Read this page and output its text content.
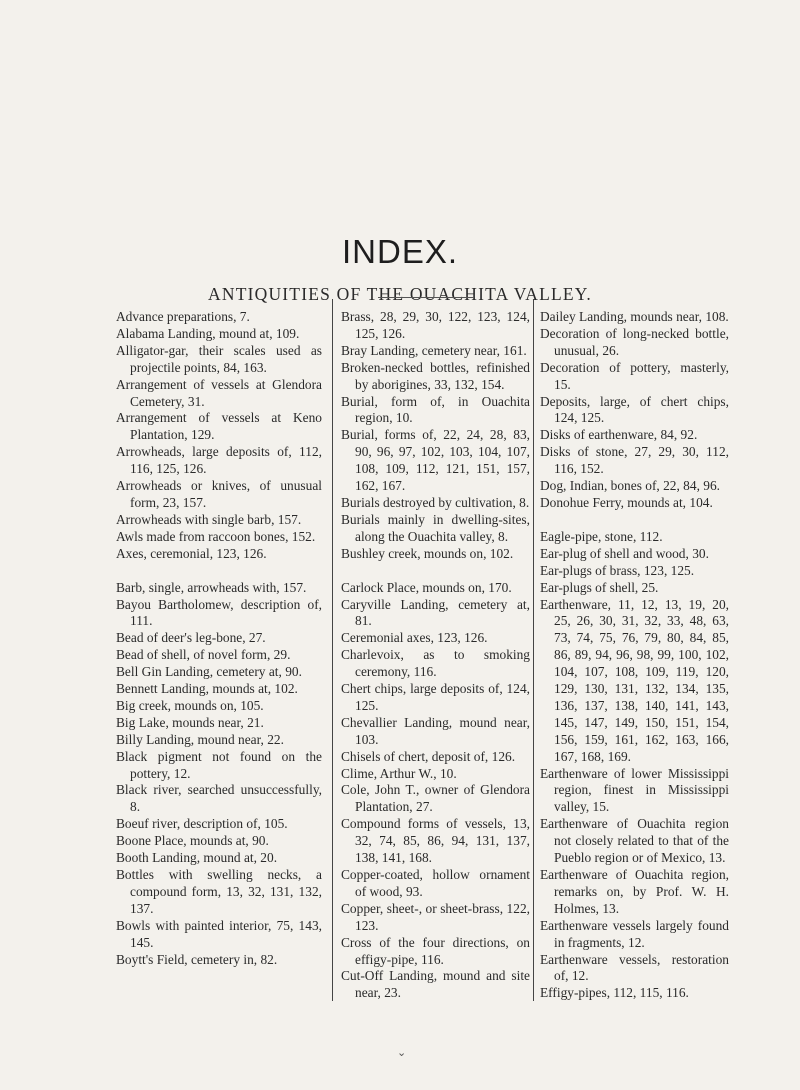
INDEX.
ANTIQUITIES OF THE OUACHITA VALLEY.

Advance preparations, 7.

Alabama Landing, mound at, 109.

Alligator-gar, their scales used as projectile points, 84, 163.

Arrangement of vessels at Glendora Cemetery, 31.

Arrangement of vessels at Keno Plantation, 129.

Arrowheads, large deposits of, 112, 116, 125, 126.

Arrowheads or knives, of unusual form, 23, 157.

Arrowheads with single barb, 157.

Awls made from raccoon bones, 152.

Axes, ceremonial, 123, 126.

Barb, single, arrowheads with, 157.

Bayou Bartholomew, description of, 111.

Bead of deer's leg-bone, 27.

Bead of shell, of novel form, 29.

Bell Gin Landing, cemetery at, 90.

Bennett Landing, mounds at, 102.

Big creek, mounds on, 105.

Big Lake, mounds near, 21.

Billy Landing, mound near, 22.

Black pigment not found on the pottery, 12.

Black river, searched unsuccessfully, 8.

Boeuf river, description of, 105.

Boone Place, mounds at, 90.

Booth Landing, mound at, 20.

Bottles with swelling necks, a compound form, 13, 32, 131, 132, 137.

Bowls with painted interior, 75, 143, 145.

Boytt's Field, cemetery in, 82.

Brass, 28, 29, 30, 122, 123, 124, 125, 126.

Bray Landing, cemetery near, 161.

Broken-necked bottles, refinished by aborigines, 33, 132, 154.

Burial, form of, in Ouachita region, 10.

Burial, forms of, 22, 24, 28, 83, 90, 96, 97, 102, 103, 104, 107, 108, 109, 112, 121, 151, 157, 162, 167.

Burials destroyed by cultivation, 8.

Burials mainly in dwelling-sites, along the Ouachita valley, 8.

Bushley creek, mounds on, 102.

Carlock Place, mounds on, 170.

Caryville Landing, cemetery at, 81.

Ceremonial axes, 123, 126.

Charlevoix, as to smoking ceremony, 116.

Chert chips, large deposits of, 124, 125.

Chevallier Landing, mound near, 103.

Chisels of chert, deposit of, 126.

Clime, Arthur W., 10.

Cole, John T., owner of Glendora Plantation, 27.

Compound forms of vessels, 13, 32, 74, 85, 86, 94, 131, 137, 138, 141, 168.

Copper-coated, hollow ornament of wood, 93.

Copper, sheet-, or sheet-brass, 122, 123.

Cross of the four directions, on effigy-pipe, 116.

Cut-Off Landing, mound and site near, 23.

Dailey Landing, mounds near, 108.

Decoration of long-necked bottle, unusual, 26.

Decoration of pottery, masterly, 15.

Deposits, large, of chert chips, 124, 125.

Disks of earthenware, 84, 92.

Disks of stone, 27, 29, 30, 112, 116, 152.

Dog, Indian, bones of, 22, 84, 96.

Donohue Ferry, mounds at, 104.

Eagle-pipe, stone, 112.

Ear-plug of shell and wood, 30.

Ear-plugs of brass, 123, 125.

Ear-plugs of shell, 25.

Earthenware, 11, 12, 13, 19, 20, 25, 26, 30, 31, 32, 33, 48, 63, 73, 74, 75, 76, 79, 80, 84, 85, 86, 89, 94, 96, 98, 99, 100, 102, 104, 107, 108, 109, 119, 120, 129, 130, 131, 132, 134, 135, 136, 137, 138, 140, 141, 143, 145, 147, 149, 150, 151, 154, 156, 159, 161, 162, 163, 166, 167, 168, 169.

Earthenware of lower Mississippi region, finest in Mississippi valley, 15.

Earthenware of Ouachita region not closely related to that of the Pueblo region or of Mexico, 13.

Earthenware of Ouachita region, remarks on, by Prof. W. H. Holmes, 13.

Earthenware vessels largely found in fragments, 12.

Earthenware vessels, restoration of, 12.

Effigy-pipes, 112, 115, 116.

⌄
